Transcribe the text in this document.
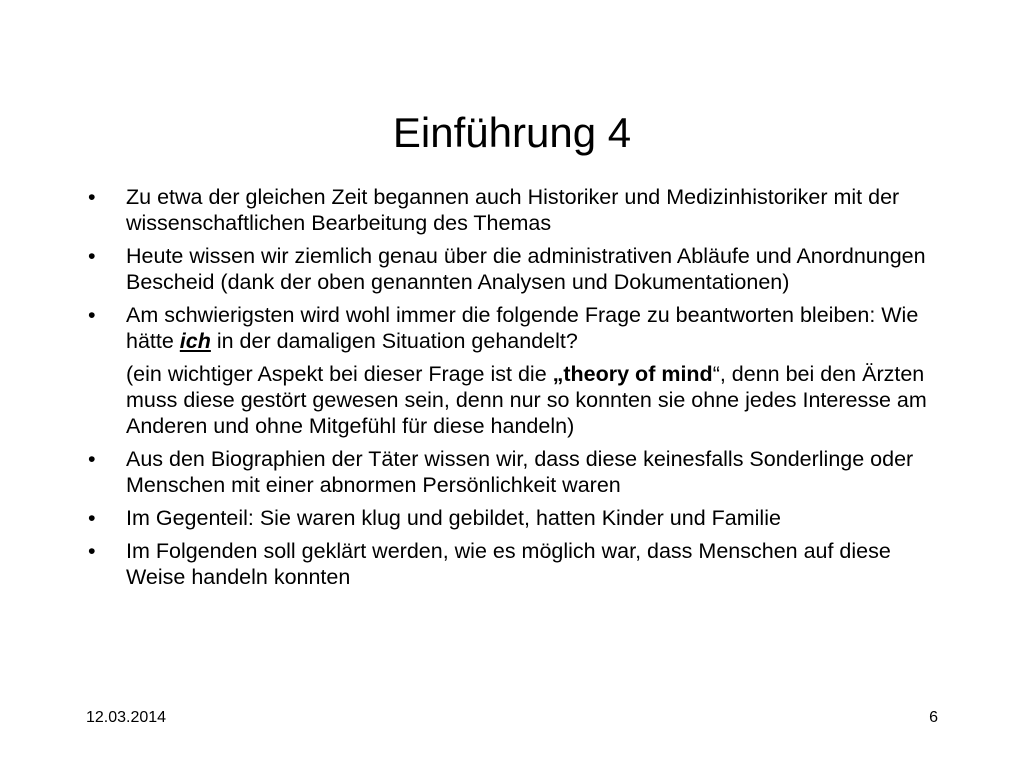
Einführung 4
• Zu etwa der gleichen Zeit begannen auch Historiker und Medizinhistoriker mit der wissenschaftlichen Bearbeitung des Themas
• Heute wissen wir ziemlich genau über die administrativen Abläufe und Anordnungen Bescheid (dank der oben genannten Analysen und Dokumentationen)
• Am schwierigsten wird wohl immer die folgende Frage zu beantworten bleiben: Wie hätte ich in der damaligen Situation gehandelt?
(ein wichtiger Aspekt bei dieser Frage ist die „theory of mind“, denn bei den Ärzten muss diese gestört gewesen sein, denn nur so konnten sie ohne jedes Interesse am Anderen und ohne Mitgefühl für diese handeln)
• Aus den Biographien der Täter wissen wir, dass diese keinesfalls Sonderlinge oder Menschen mit einer abnormen Persönlichkeit waren
• Im Gegenteil: Sie waren klug und gebildet, hatten Kinder und Familie
• Im Folgenden soll geklärt werden, wie es möglich war, dass Menschen auf diese Weise handeln konnten
12.03.2014	6
